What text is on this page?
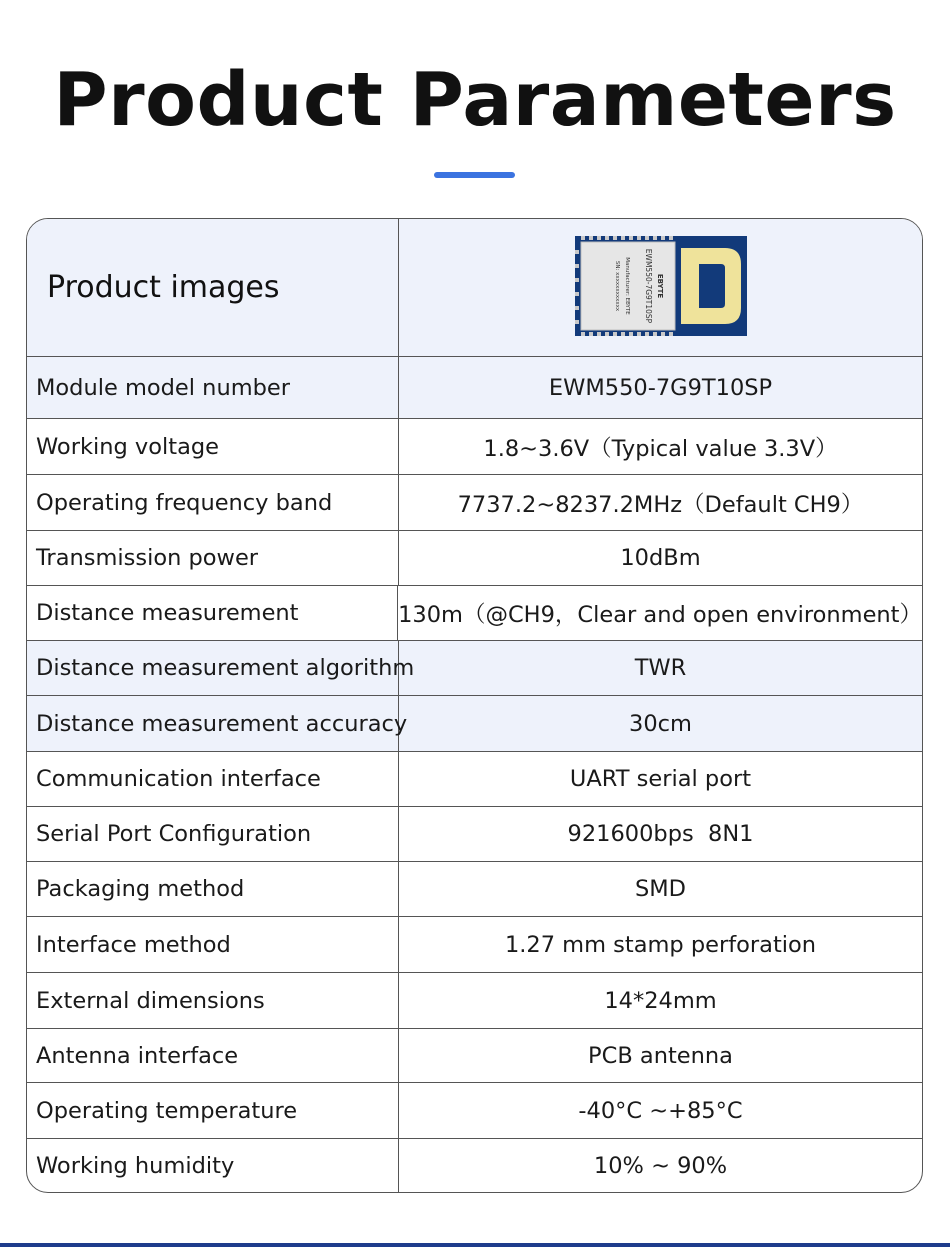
Product Parameters
Product images	EBYTE
EWM550-7G9T10SP
Manufacturer: EBYTE
SN: xxxxxxxxxxxx
Module model number	EWM550-7G9T10SP
Working voltage	1.8~3.6V（Typical value 3.3V）
Operating frequency band	7737.2~8237.2MHz（Default CH9）
Transmission power	10dBm
Distance measurement	130m（@CH9，Clear and open environment）
Distance measurement algorithm	TWR
Distance measurement accuracy	30cm
Communication interface	UART serial port
Serial Port Configuration	921600bps  8N1
Packaging method	SMD
Interface method	1.27 mm stamp perforation
External dimensions	14*24mm
Antenna interface	PCB antenna
Operating temperature	-40°C ~+85°C
Working humidity	10% ~ 90%
